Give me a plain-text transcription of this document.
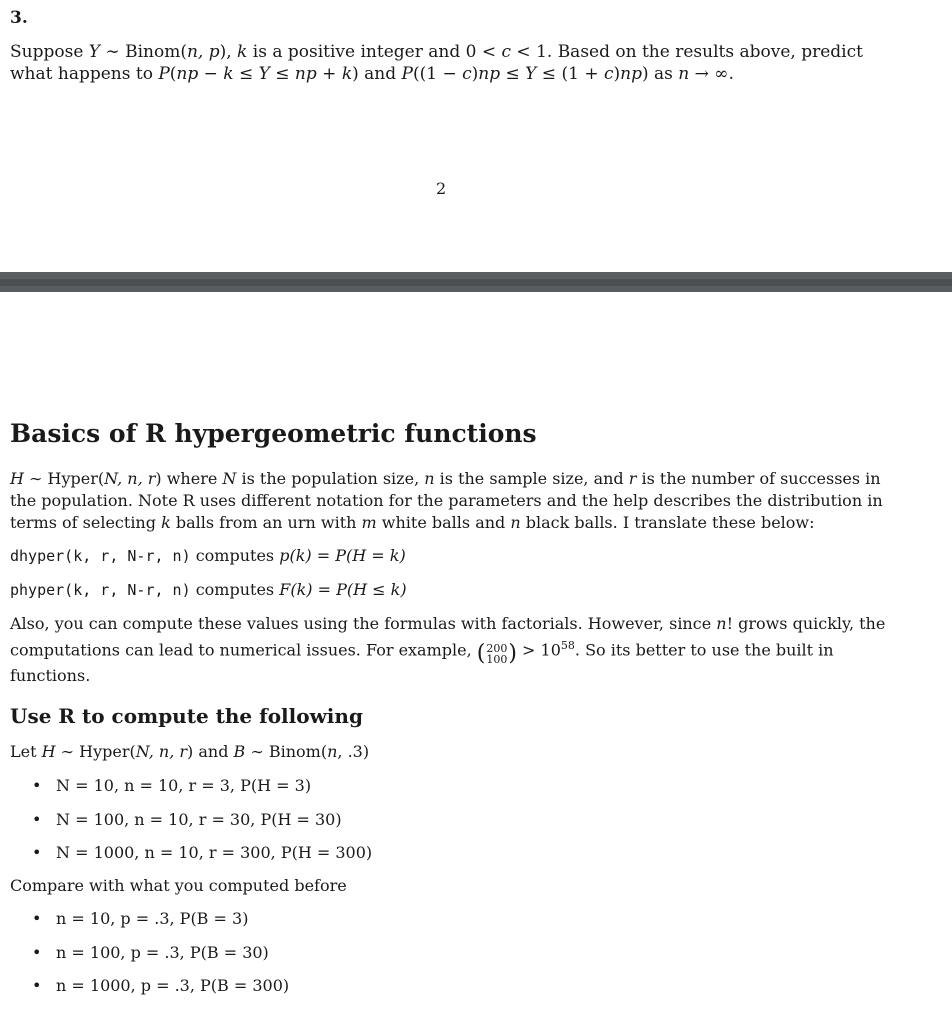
3.
Suppose Y ∼ Binom(n, p), k is a positive integer and 0 < c < 1. Based on the results above, predict what happens to P(np − k ≤ Y ≤ np + k) and P((1 − c)np ≤ Y ≤ (1 + c)np) as n → ∞.
2
Basics of R hypergeometric functions
H ∼ Hyper(N, n, r) where N is the population size, n is the sample size, and r is the number of successes in the population. Note R uses different notation for the parameters and the help describes the distribution in terms of selecting k balls from an urn with m white balls and n black balls. I translate these below:
dhyper(k, r, N-r, n) computes p(k) = P(H = k)
phyper(k, r, N-r, n) computes F(k) = P(H ≤ k)
Also, you can compute these values using the formulas with factorials. However, since n! grows quickly, the computations can lead to numerical issues. For example, ( 200
100 ) > $10^{58}$. So its better to use the built in functions.
Use R to compute the following
Let H ∼ Hyper(N, n, r) and B ∼ Binom(n, .3)
• N = 10, n = 10, r = 3, P(H = 3)
• N = 100, n = 10, r = 30, P(H = 30)
• N = 1000, n = 10, r = 300, P(H = 300)
Compare with what you computed before
• n = 10, p = .3, P(B = 3)
• n = 100, p = .3, P(B = 30)
• n = 1000, p = .3, P(B = 300)
